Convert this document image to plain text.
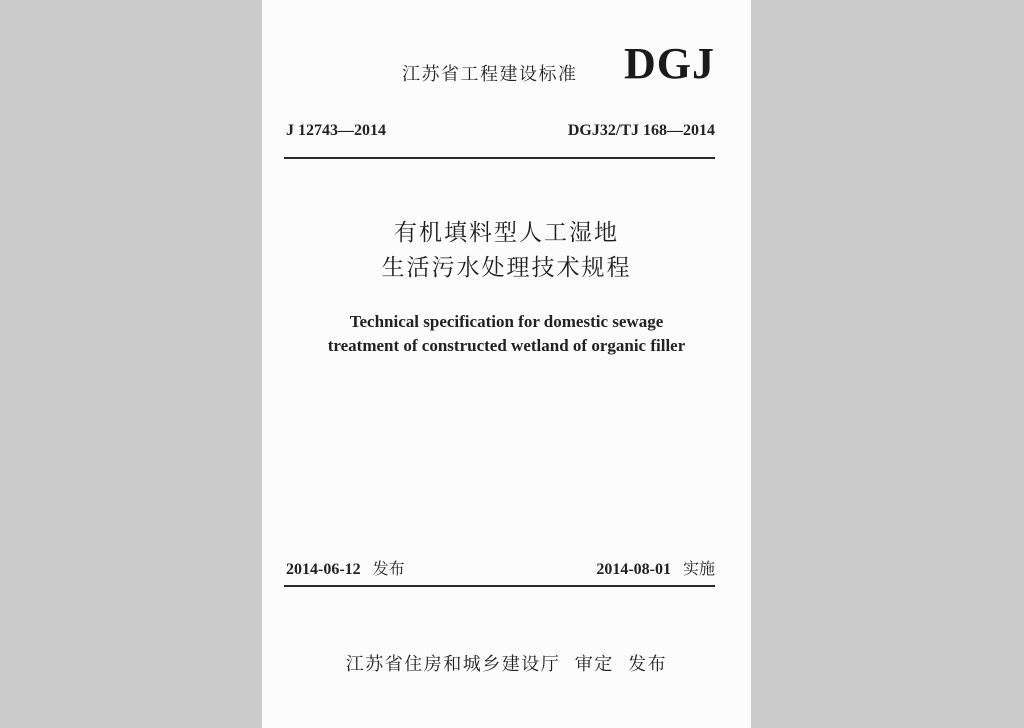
江苏省工程建设标准 DGJ
J 12743—2014	DGJ32/TJ 168—2014
有机填料型人工湿地
生活污水处理技术规程
Technical specification for domestic sewage
treatment of constructed wetland of organic filler
2014-06-12 发布	2014-08-01 实施
江苏省住房和城乡建设厅  审定  发布
